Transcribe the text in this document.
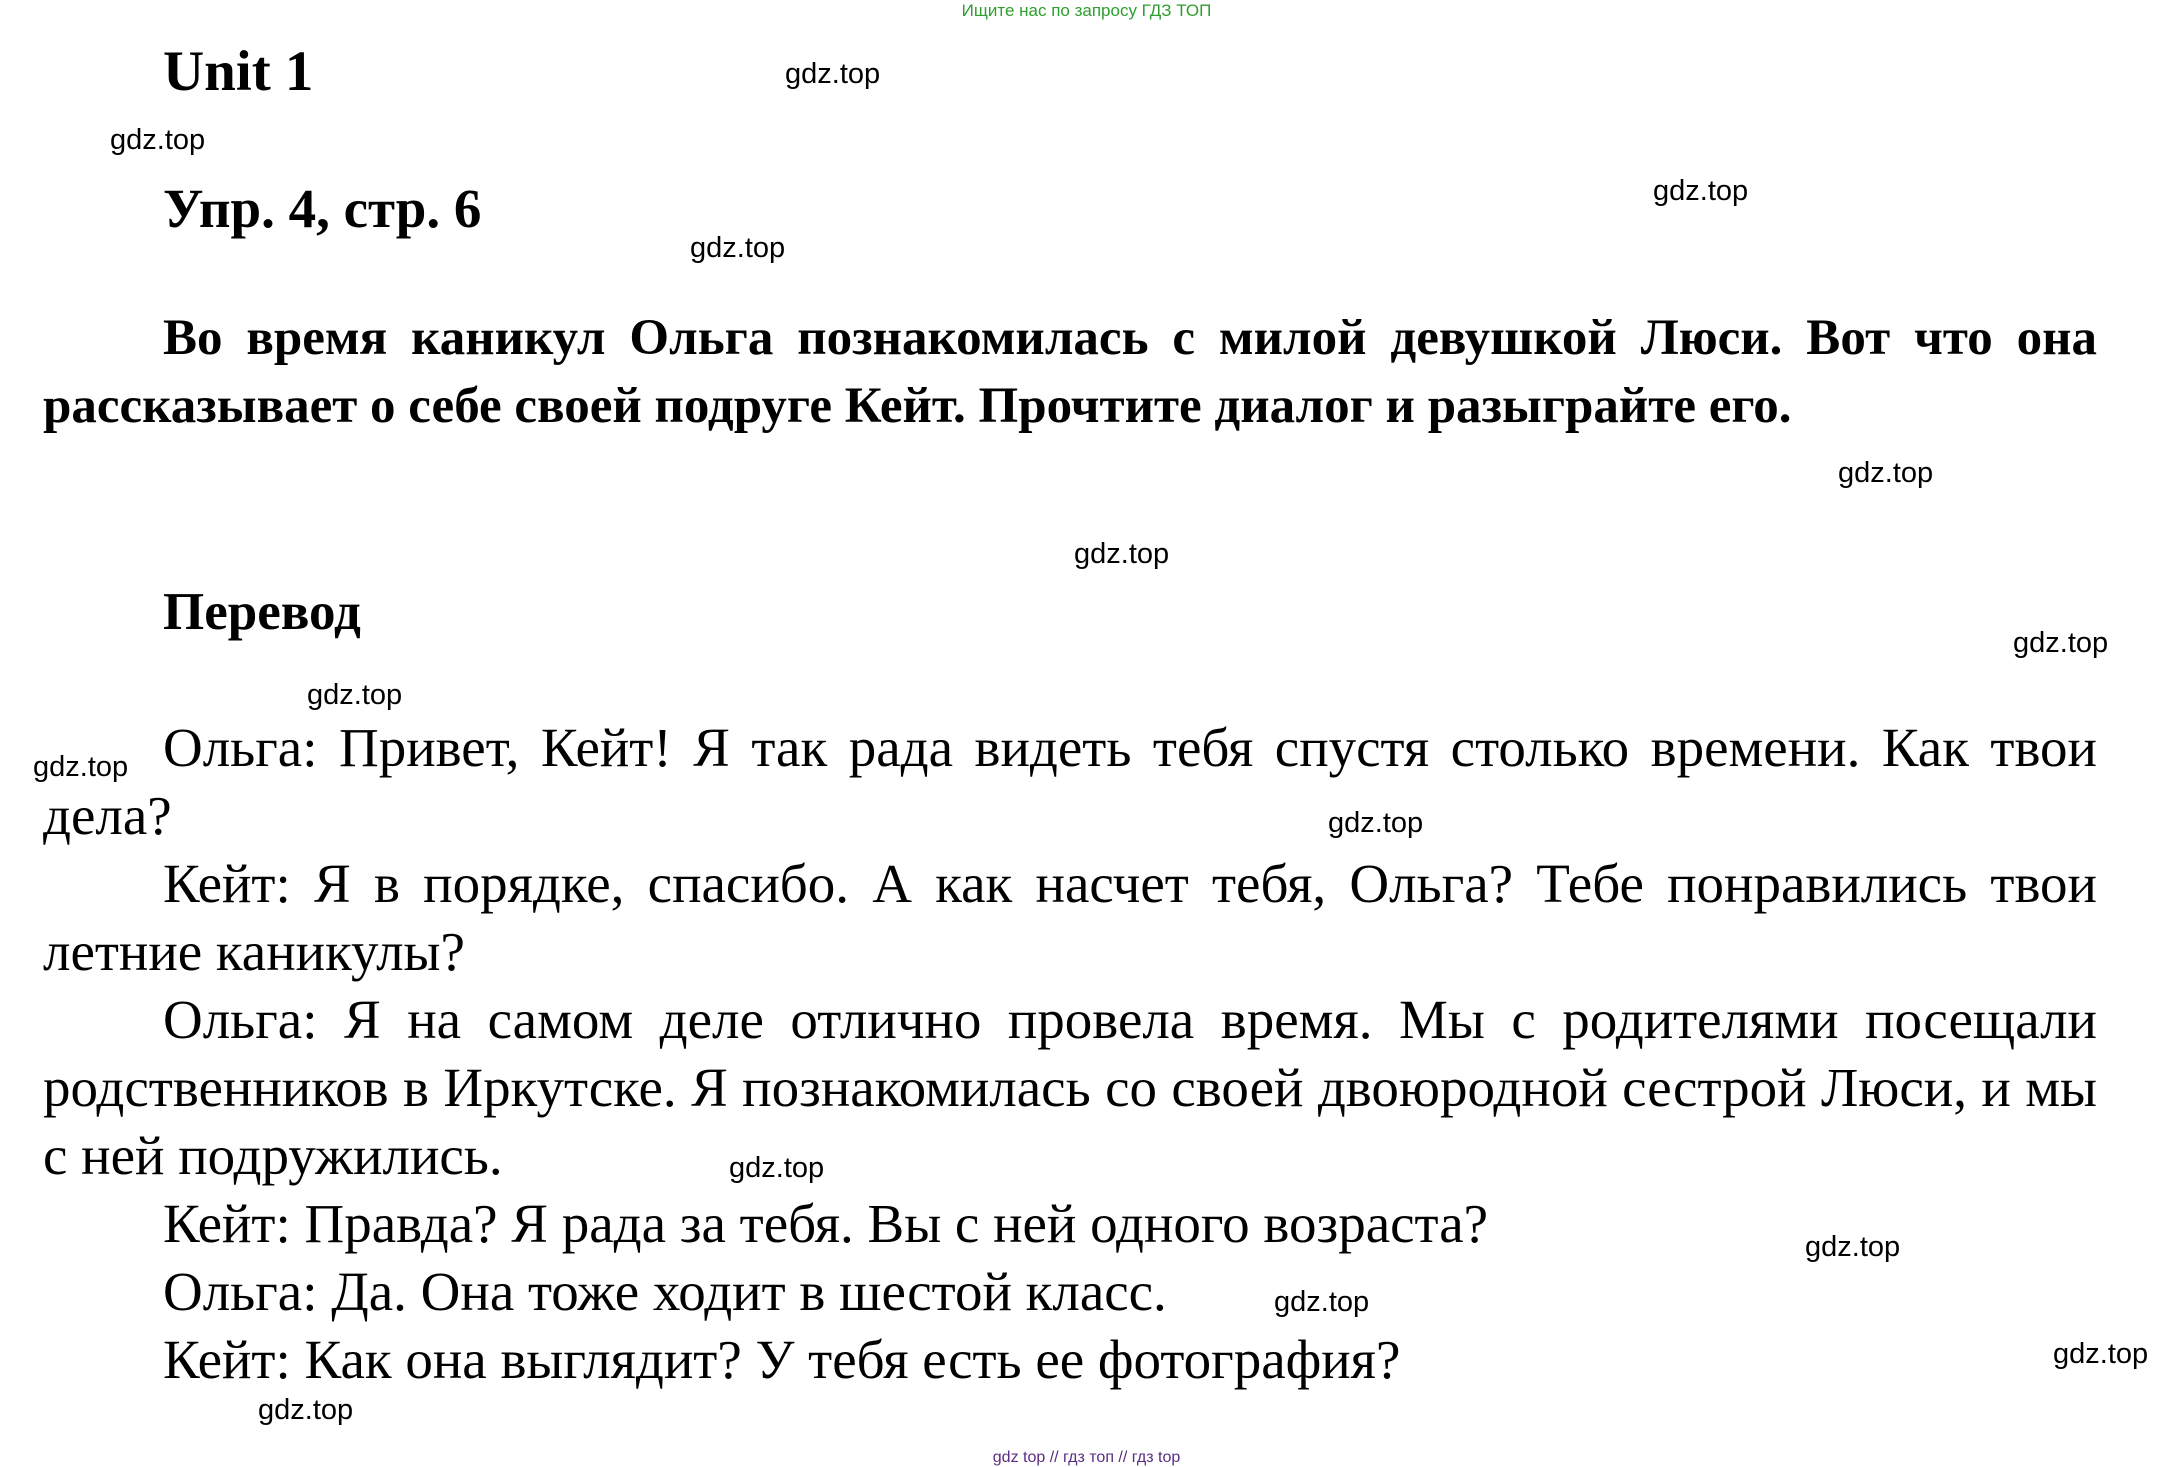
Ищите нас по запросу ГДЗ ТОП
Unit 1
Упр. 4, стр. 6
Во время каникул Ольга познакомилась с милой девушкой Люси. Вот что она рассказывает о себе своей подруге Кейт. Прочтите диалог и разыграйте его.
Перевод

Ольга: Привет, Кейт! Я так рада видеть тебя спустя столько времени. Как твои дела?

Кейт: Я в порядке, спасибо. А как насчет тебя, Ольга? Тебе понравились твои летние каникулы?

Ольга: Я на самом деле отлично провела время. Мы с родителями посещали родственников в Иркутске. Я познакомилась со своей двоюродной сестрой Люси, и мы с ней подружились.

Кейт: Правда? Я рада за тебя. Вы с ней одного возраста?

Ольга: Да. Она тоже ходит в шестой класс.

Кейт: Как она выглядит? У тебя есть ее фотография?

gdz.top
gdz.top
gdz.top
gdz.top
gdz.top
gdz.top
gdz.top
gdz.top
gdz.top
gdz.top
gdz.top
gdz.top
gdz.top
gdz.top
gdz.top
gdz top // гдз топ // гдз top
